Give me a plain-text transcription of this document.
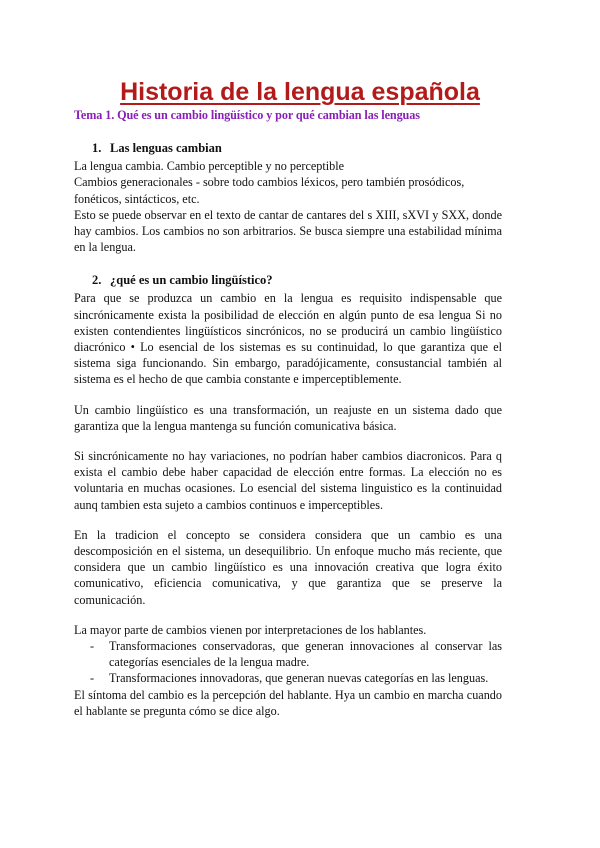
Historia de la lengua española
Tema 1. Qué es un cambio lingüístico y por qué cambian las lenguas
1. Las lenguas cambian

La lengua cambia. Cambio perceptible y no perceptible

Cambios generacionales - sobre todo cambios léxicos, pero también prosódicos, fonéticos, sintácticos, etc.

Esto se puede observar en el texto de cantar de cantares del s XIII, sXVI y SXX, donde hay cambios. Los cambios no son arbitrarios. Se busca siempre una estabilidad mínima en la lengua.

2. ¿qué es un cambio lingüístico?

Para que se produzca un cambio en la lengua es requisito indispensable que sincrónicamente exista la posibilidad de elección en algún punto de esa lengua Si no existen contendientes lingüísticos sincrónicos, no se producirá un cambio lingüístico diacrónico • Lo esencial de los sistemas es su continuidad, lo que garantiza que el sistema siga funcionando. Sin embargo, paradójicamente, consustancial también al sistema es el hecho de que cambia constante e imperceptiblemente.

Un cambio lingüístico es una transformación, un reajuste en un sistema dado que garantiza que la lengua mantenga su función comunicativa básica.

Si sincrónicamente no hay variaciones, no podrían haber cambios diacronicos. Para q exista el cambio debe haber capacidad de elección entre formas. La elección no es voluntaria en muchas ocasiones. Lo esencial del sistema linguistico es la continuidad aunq tambien esta sujeto a cambios continuos e imperceptibles.

En la tradicion el concepto se considera considera que un cambio es una descomposición en el sistema, un desequilibrio. Un enfoque mucho más reciente, que considera que un cambio lingüístico es una innovación creativa que logra éxito comunicativo, eficiencia comunicativa, y que garantiza que se preserve la comunicación.

La mayor parte de cambios vienen por interpretaciones de los hablantes.

- Transformaciones conservadoras, que generan innovaciones al conservar las categorías esenciales de la lengua madre.
- Transformaciones innovadoras, que generan nuevas categorías en las lenguas.

El síntoma del cambio es la percepción del hablante. Hya un cambio en marcha cuando el hablante se pregunta cómo se dice algo.
